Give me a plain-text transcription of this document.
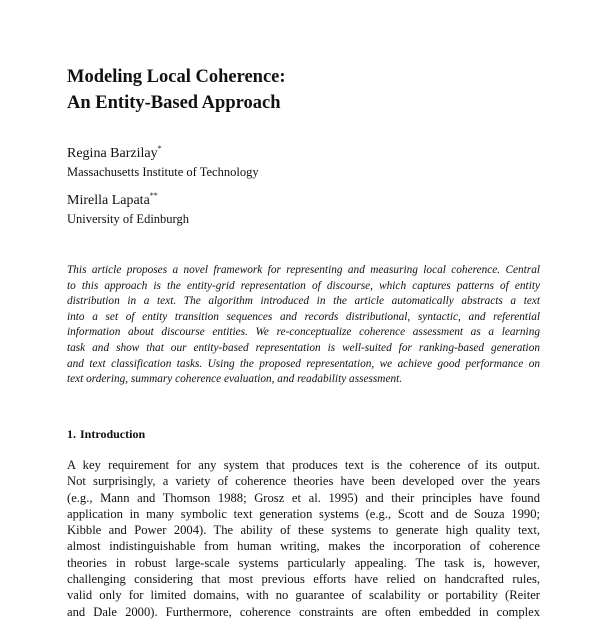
Modeling Local Coherence:
An Entity-Based Approach
Regina Barzilay*
Massachusetts Institute of Technology
Mirella Lapata**
University of Edinburgh

This article proposes a novel framework for representing and measuring local coherence. Central
to this approach is the entity-grid representation of discourse, which captures patterns of entity
distribution in a text. The algorithm introduced in the article automatically abstracts a text
into a set of entity transition sequences and records distributional, syntactic, and referential
information about discourse entities. We re-conceptualize coherence assessment as a learning
task and show that our entity-based representation is well-suited for ranking-based generation
and text classification tasks. Using the proposed representation, we achieve good performance on
text ordering, summary coherence evaluation, and readability assessment.

1. Introduction

A key requirement for any system that produces text is the coherence of its output.
Not surprisingly, a variety of coherence theories have been developed over the years
(e.g., Mann and Thomson 1988; Grosz et al. 1995) and their principles have found
application in many symbolic text generation systems (e.g., Scott and de Souza 1990;
Kibble and Power 2004). The ability of these systems to generate high quality text,
almost indistinguishable from human writing, makes the incorporation of coherence
theories in robust large-scale systems particularly appealing. The task is, however,
challenging considering that most previous efforts have relied on handcrafted rules,
valid only for limited domains, with no guarantee of scalability or portability (Reiter
and Dale 2000). Furthermore, coherence constraints are often embedded in complex
